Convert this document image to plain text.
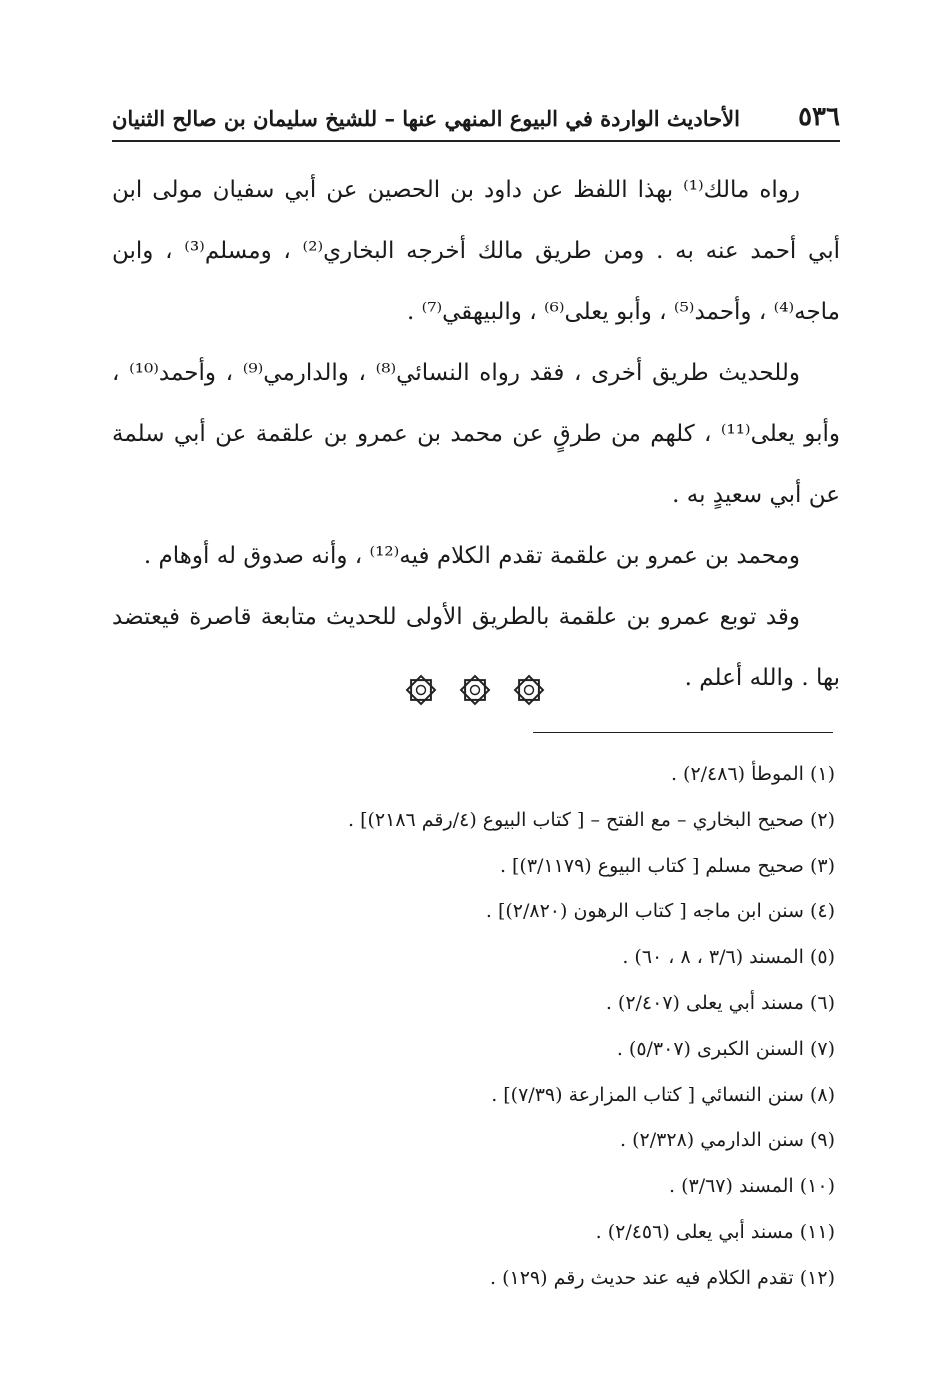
٥٣٦
الأحاديث الواردة في البيوع المنهي عنها – للشيخ سليمان بن صالح الثنيان

رواه مالك⁽¹⁾ بهذا اللفظ عن داود بن الحصين عن أبي سفيان مولى ابن أبي أحمد عنه به . ومن طريق مالك أخرجه البخاري⁽²⁾ ، ومسلم⁽³⁾ ، وابن ماجه⁽⁴⁾ ، وأحمد⁽⁵⁾ ، وأبو يعلى⁽⁶⁾ ، والبيهقي⁽⁷⁾ .

وللحديث طريق أخرى ، فقد رواه النسائي⁽⁸⁾ ، والدارمي⁽⁹⁾ ، وأحمد⁽¹⁰⁾ ، وأبو يعلى⁽¹¹⁾ ، كلهم من طرقٍ عن محمد بن عمرو بن علقمة عن أبي سلمة عن أبي سعيدٍ به .

ومحمد بن عمرو بن علقمة تقدم الكلام فيه⁽¹²⁾ ، وأنه صدوق له أوهام .

وقد توبع عمرو بن علقمة بالطريق الأولى للحديث متابعة قاصرة فيعتضد بها . والله أعلم .

(١) الموطأ (٢/٤٨٦) .
(٢) صحيح البخاري – مع الفتح – [ كتاب البيوع (٤/رقم ٢١٨٦)] .
(٣) صحيح مسلم [ كتاب البيوع (٣/١١٧٩)] .
(٤) سنن ابن ماجه [ كتاب الرهون (٢/٨٢٠)] .
(٥) المسند (٣/٦ ، ٨ ، ٦٠) .
(٦) مسند أبي يعلى (٢/٤٠٧) .
(٧) السنن الكبرى (٥/٣٠٧) .
(٨) سنن النسائي [ كتاب المزارعة (٧/٣٩)] .
(٩) سنن الدارمي (٢/٣٢٨) .
(١٠) المسند (٣/٦٧) .
(١١) مسند أبي يعلى (٢/٤٥٦) .
(١٢) تقدم الكلام فيه عند حديث رقم (١٢٩) .
